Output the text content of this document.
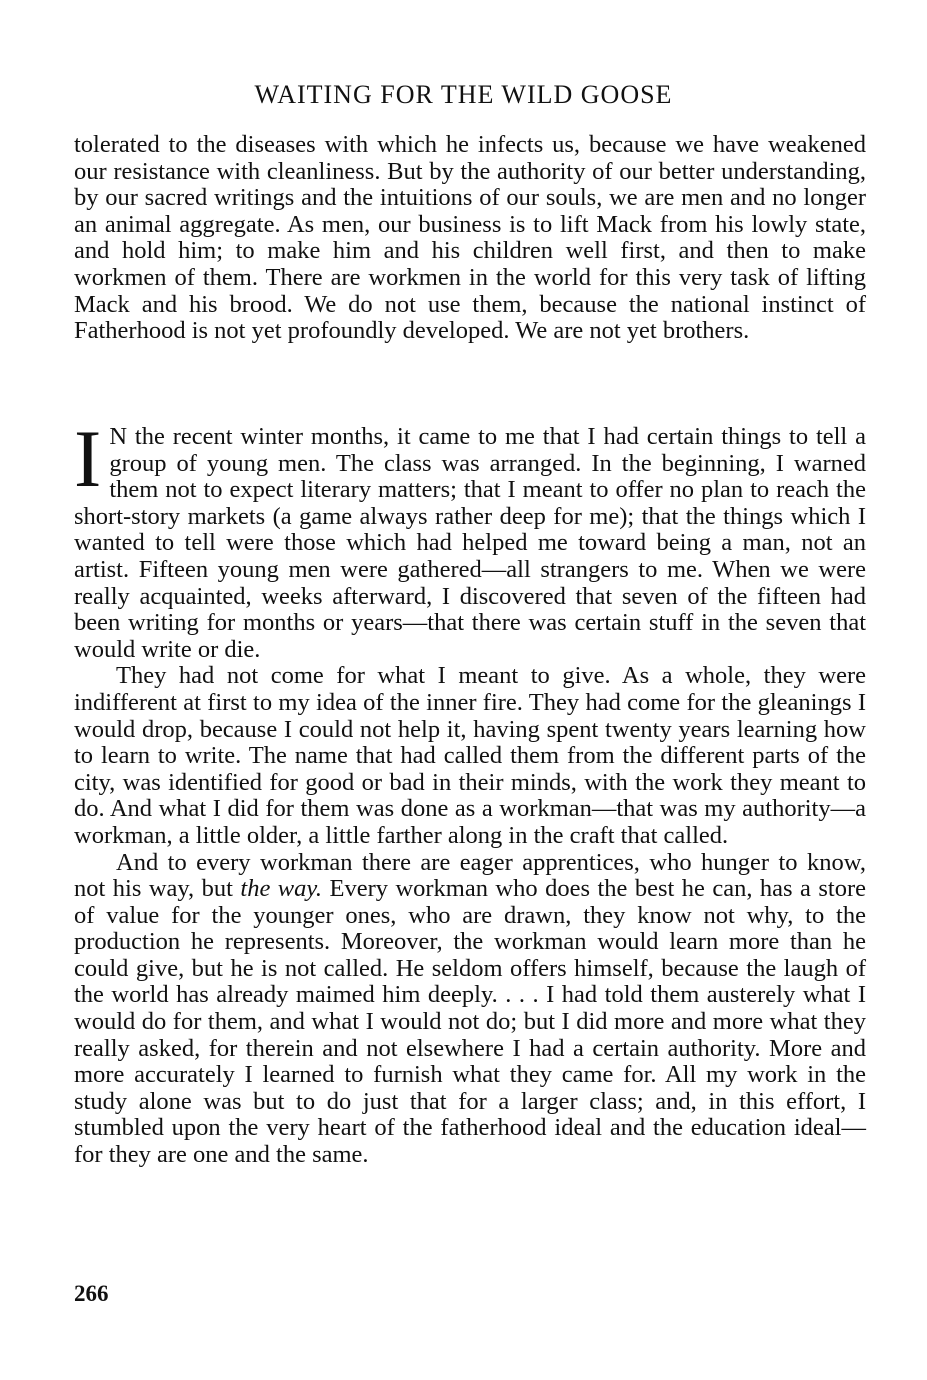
WAITING FOR THE WILD GOOSE

tolerated to the diseases with which he infects us, because we have weakened our resistance with cleanliness. But by the authority of our better understanding, by our sacred writings and the intuitions of our souls, we are men and no longer an animal aggregate. As men, our business is to lift Mack from his lowly state, and hold him; to make him and his children well first, and then to make workmen of them. There are workmen in the world for this very task of lifting Mack and his brood. We do not use them, because the national instinct of Fatherhood is not yet profoundly developed. We are not yet brothers.

I N the recent winter months, it came to me that I had certain things to tell a group of young men. The class was arranged. In the beginning, I warned them not to expect literary matters; that I meant to offer no plan to reach the short-story markets (a game always rather deep for me); that the things which I wanted to tell were those which had helped me toward being a man, not an artist. Fifteen young men were gathered—all strangers to me. When we were really acquainted, weeks afterward, I discovered that seven of the fifteen had been writing for months or years—that there was certain stuff in the seven that would write or die.

They had not come for what I meant to give. As a whole, they were indifferent at first to my idea of the inner fire. They had come for the gleanings I would drop, because I could not help it, having spent twenty years learning how to learn to write. The name that had called them from the different parts of the city, was identified for good or bad in their minds, with the work they meant to do. And what I did for them was done as a workman—that was my authority—a workman, a little older, a little farther along in the craft that called.

And to every workman there are eager apprentices, who hunger to know, not his way, but the way. Every workman who does the best he can, has a store of value for the younger ones, who are drawn, they know not why, to the production he represents. Moreover, the workman would learn more than he could give, but he is not called. He seldom offers himself, because the laugh of the world has already maimed him deeply. . . . I had told them austerely what I would do for them, and what I would not do; but I did more and more what they really asked, for therein and not elsewhere I had a certain authority. More and more accurately I learned to furnish what they came for. All my work in the study alone was but to do just that for a larger class; and, in this effort, I stumbled upon the very heart of the fatherhood ideal and the education ideal—for they are one and the same.

266
